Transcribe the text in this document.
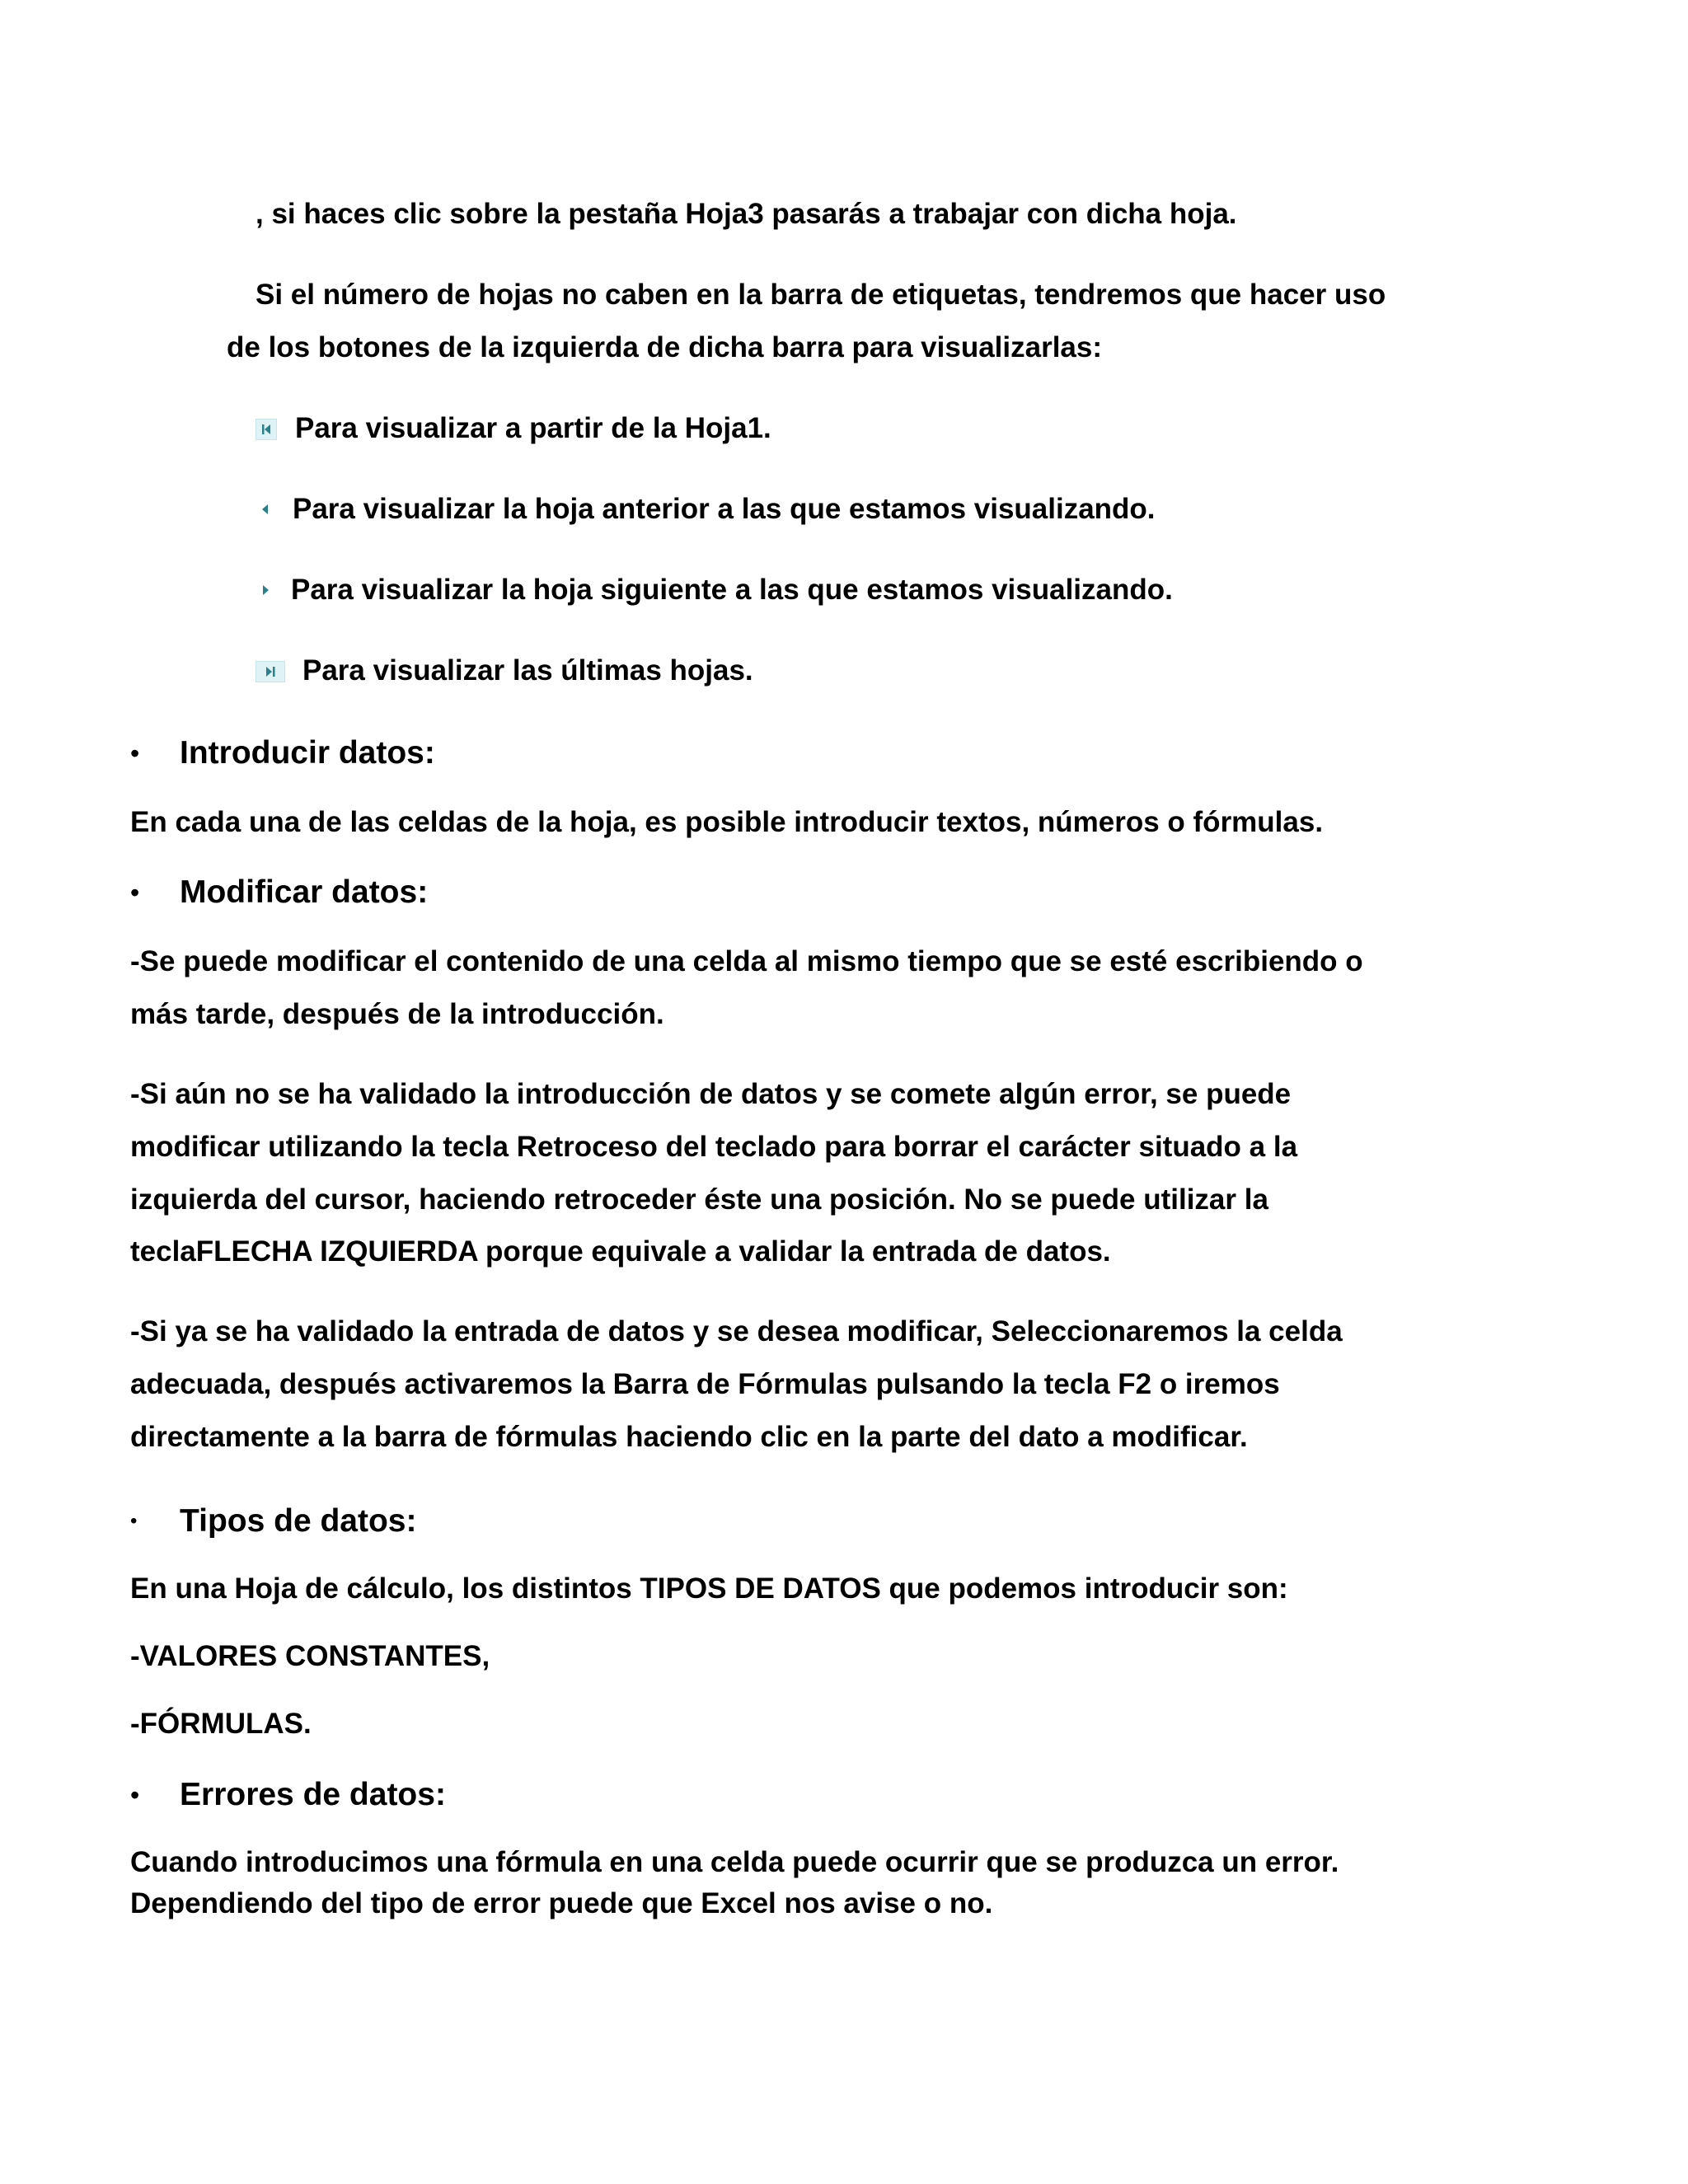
, si haces clic sobre la pestaña Hoja3 pasarás a trabajar con dicha hoja.
Si el número de hojas no caben en la barra de etiquetas, tendremos que hacer uso
de los botones de la izquierda de dicha barra para visualizarlas:
Para visualizar a partir de la Hoja1.
Para visualizar la hoja anterior a las que estamos visualizando.
Para visualizar la hoja siguiente a las que estamos visualizando.
Para visualizar las últimas hojas.
• Introducir datos:
En cada una de las celdas de la hoja, es posible introducir textos, números o fórmulas.
• Modificar datos:
-Se puede modificar el contenido de una celda al mismo tiempo que se esté escribiendo o
más tarde, después de la introducción.
-Si aún no se ha validado la introducción de datos y se comete algún error, se puede
modificar utilizando la tecla Retroceso del teclado para borrar el carácter situado a la
izquierda del cursor, haciendo retroceder éste una posición. No se puede utilizar la
teclaFLECHA IZQUIERDA porque equivale a validar la entrada de datos.
-Si ya se ha validado la entrada de datos y se desea modificar, Seleccionaremos la celda
adecuada, después activaremos la Barra de Fórmulas pulsando la tecla F2 o iremos
directamente a la barra de fórmulas haciendo clic en la parte del dato a modificar.
• Tipos de datos:
En una Hoja de cálculo, los distintos TIPOS DE DATOS que podemos introducir son:
-VALORES CONSTANTES,
-FÓRMULAS.
• Errores de datos:
Cuando introducimos una fórmula en una celda puede ocurrir que se produzca un error.
Dependiendo del tipo de error puede que Excel nos avise o no.
